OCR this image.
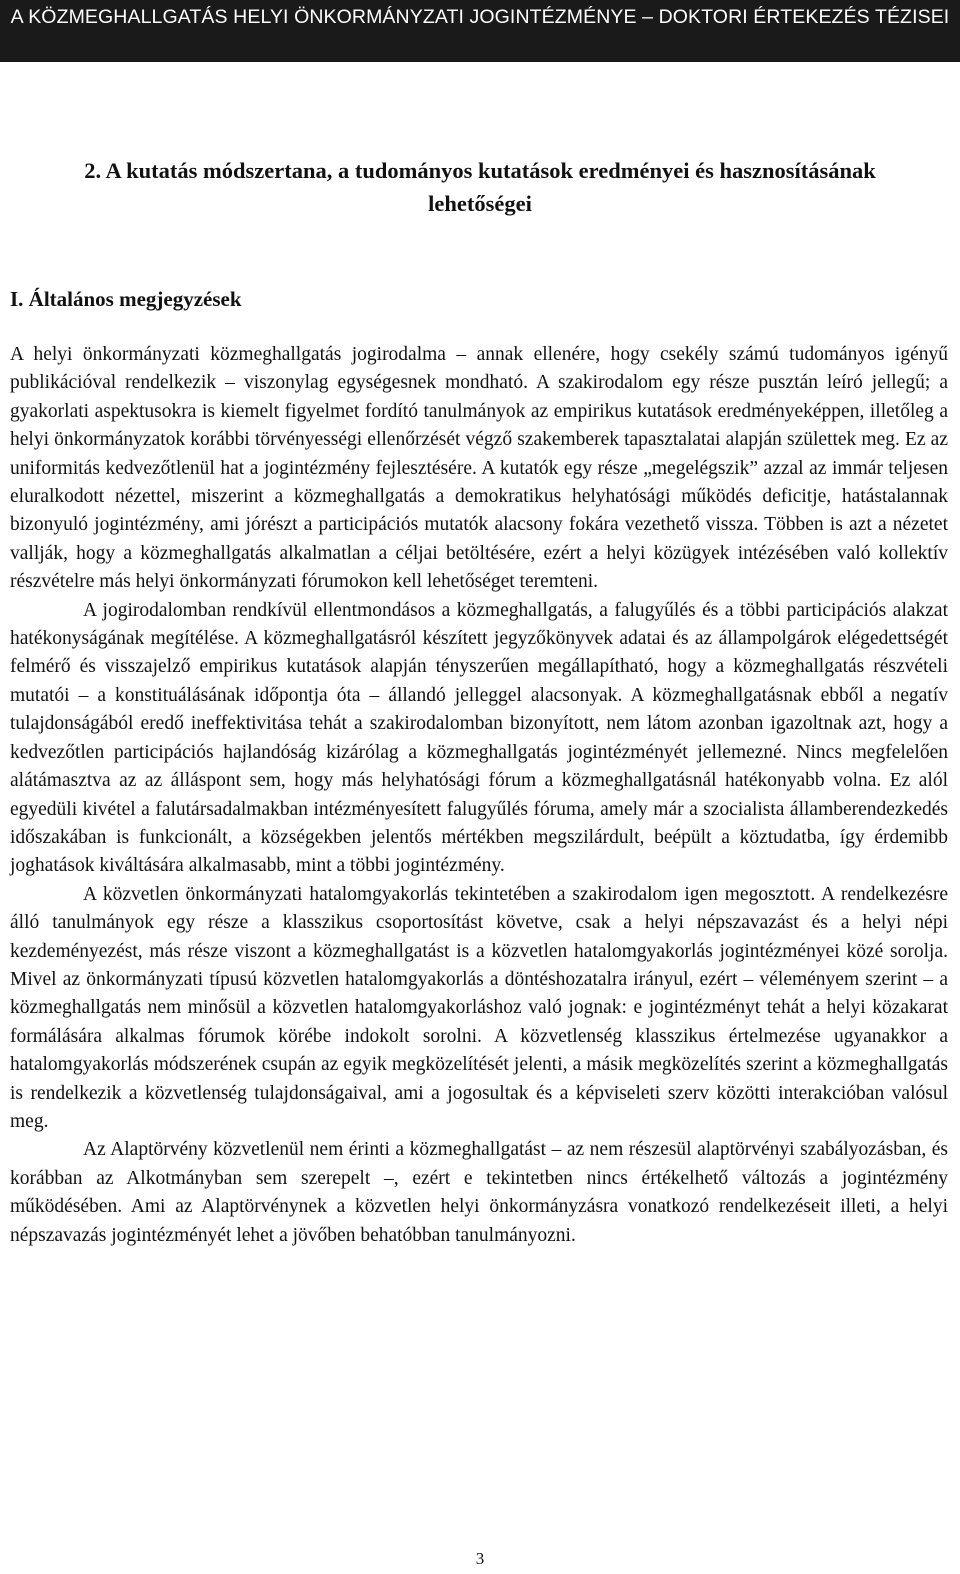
A KÖZMEGHALLGATÁS HELYI ÖNKORMÁNYZATI JOGINTÉZMÉNYE – DOKTORI ÉRTEKEZÉS TÉZISEI
2. A kutatás módszertana, a tudományos kutatások eredményei és hasznosításának lehetőségei
I. Általános megjegyzések

A helyi önkormányzati közmeghallgatás jogirodalma – annak ellenére, hogy csekély számú tudományos igényű publikációval rendelkezik – viszonylag egységesnek mondható. A szakirodalom egy része pusztán leíró jellegű; a gyakorlati aspektusokra is kiemelt figyelmet fordító tanulmányok az empirikus kutatások eredményeképpen, illetőleg a helyi önkormányzatok korábbi törvényességi ellenőrzését végző szakemberek tapasztalatai alapján születtek meg. Ez az uniformitás kedvezőtlenül hat a jogintézmény fejlesztésére. A kutatók egy része „megelégszik” azzal az immár teljesen eluralkodott nézettel, miszerint a közmeghallgatás a demokratikus helyhatósági működés deficitje, hatástalannak bizonyuló jogintézmény, ami jórészt a participációs mutatók alacsony fokára vezethető vissza. Többen is azt a nézetet vallják, hogy a közmeghallgatás alkalmatlan a céljai betöltésére, ezért a helyi közügyek intézésében való kollektív részvételre más helyi önkormányzati fórumokon kell lehetőséget teremteni.

A jogirodalomban rendkívül ellentmondásos a közmeghallgatás, a falugyűlés és a többi participációs alakzat hatékonyságának megítélése. A közmeghallgatásról készített jegyzőkönyvek adatai és az állampolgárok elégedettségét felmérő és visszajelző empirikus kutatások alapján tényszerűen megállapítható, hogy a közmeghallgatás részvételi mutatói – a konstituálásának időpontja óta – állandó jelleggel alacsonyak. A közmeghallgatásnak ebből a negatív tulajdonságából eredő ineffektivitása tehát a szakirodalomban bizonyított, nem látom azonban igazoltnak azt, hogy a kedvezőtlen participációs hajlandóság kizárólag a közmeghallgatás jogintézményét jellemezné. Nincs megfelelően alátámasztva az az álláspont sem, hogy más helyhatósági fórum a közmeghallgatásnál hatékonyabb volna. Ez alól egyedüli kivétel a falutársadalmakban intézményesített falugyűlés fóruma, amely már a szocialista államberendezkedés időszakában is funkcionált, a községekben jelentős mértékben megszilárdult, beépült a köztudatba, így érdemibb joghatások kiváltására alkalmasabb, mint a többi jogintézmény.

A közvetlen önkormányzati hatalomgyakorlás tekintetében a szakirodalom igen megosztott. A rendelkezésre álló tanulmányok egy része a klasszikus csoportosítást követve, csak a helyi népszavazást és a helyi népi kezdeményezést, más része viszont a közmeghallgatást is a közvetlen hatalomgyakorlás jogintézményei közé sorolja. Mivel az önkormányzati típusú közvetlen hatalomgyakorlás a döntéshozatalra irányul, ezért – véleményem szerint – a közmeghallgatás nem minősül a közvetlen hatalomgyakorláshoz való jognak: e jogintézményt tehát a helyi közakarat formálására alkalmas fórumok körébe indokolt sorolni. A közvetlenség klasszikus értelmezése ugyanakkor a hatalomgyakorlás módszerének csupán az egyik megközelítését jelenti, a másik megközelítés szerint a közmeghallgatás is rendelkezik a közvetlenség tulajdonságaival, ami a jogosultak és a képviseleti szerv közötti interakcióban valósul meg.

Az Alaptörvény közvetlenül nem érinti a közmeghallgatást – az nem részesül alaptörvényi szabályozásban, és korábban az Alkotmányban sem szerepelt –, ezért e tekintetben nincs értékelhető változás a jogintézmény működésében. Ami az Alaptörvénynek a közvetlen helyi önkormányzásra vonatkozó rendelkezéseit illeti, a helyi népszavazás jogintézményét lehet a jövőben behatóbban tanulmányozni.

3
